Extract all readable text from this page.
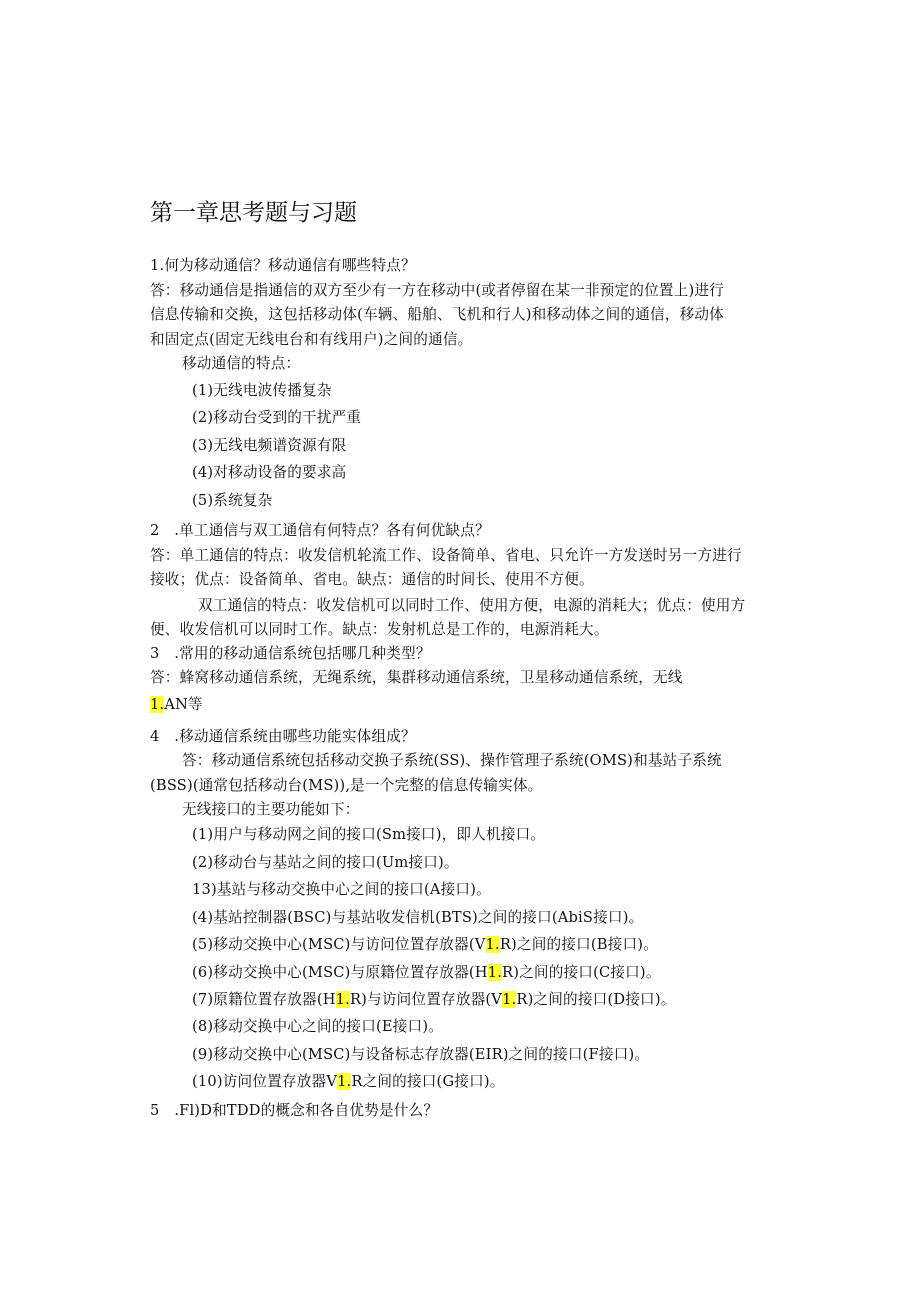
第一章思考题与习题
1.何为移动通信？移动通信有哪些特点？
答：移动通信是指通信的双方至少有一方在移动中(或者停留在某一非预定的位置上)进行
信息传输和交换，这包括移动体(车辆、船舶、飞机和行人)和移动体之间的通信，移动体
和固定点(固定无线电台和有线用户)之间的通信。
移动通信的特点：
(1)无线电波传播复杂
(2)移动台受到的干扰严重
(3)无线电频谱资源有限
(4)对移动设备的要求高
(5)系统复杂
2　.单工通信与双工通信有何特点？各有何优缺点？
答：单工通信的特点：收发信机轮流工作、设备简单、省电、只允许一方发送时另一方进行
接收；优点：设备简单、省电。缺点：通信的时间长、使用不方便。
双工通信的特点：收发信机可以同时工作、使用方便，电源的消耗大；优点：使用方
便、收发信机可以同时工作。缺点：发射机总是工作的，电源消耗大。
3　.常用的移动通信系统包括哪几种类型？
答：蜂窝移动通信系统，无绳系统，集群移动通信系统，卫星移动通信系统，无线
1.AN等
4　.移动通信系统由哪些功能实体组成？
答：移动通信系统包括移动交换子系统(SS)、操作管理子系统(OMS)和基站子系统
(BSS)(通常包括移动台(MS)),是一个完整的信息传输实体。
无线接口的主要功能如下：
(1)用户与移动网之间的接口(Sm接口)，即人机接口。
(2)移动台与基站之间的接口(Um接口)。
13)基站与移动交换中心之间的接口(A接口)。
(4)基站控制器(BSC)与基站收发信机(BTS)之间的接口(AbiS接口)。
(5)移动交换中心(MSC)与访问位置存放器(V1.R)之间的接口(B接口)。
(6)移动交换中心(MSC)与原籍位置存放器(H1.R)之间的接口(C接口)。
(7)原籍位置存放器(H1.R)与访问位置存放器(V1.R)之间的接口(D接口)。
(8)移动交换中心之间的接口(E接口)。
(9)移动交换中心(MSC)与设备标志存放器(EIR)之间的接口(F接口)。
(10)访问位置存放器V1.R之间的接口(G接口)。
5　.Fl)D和TDD的概念和各自优势是什么？
